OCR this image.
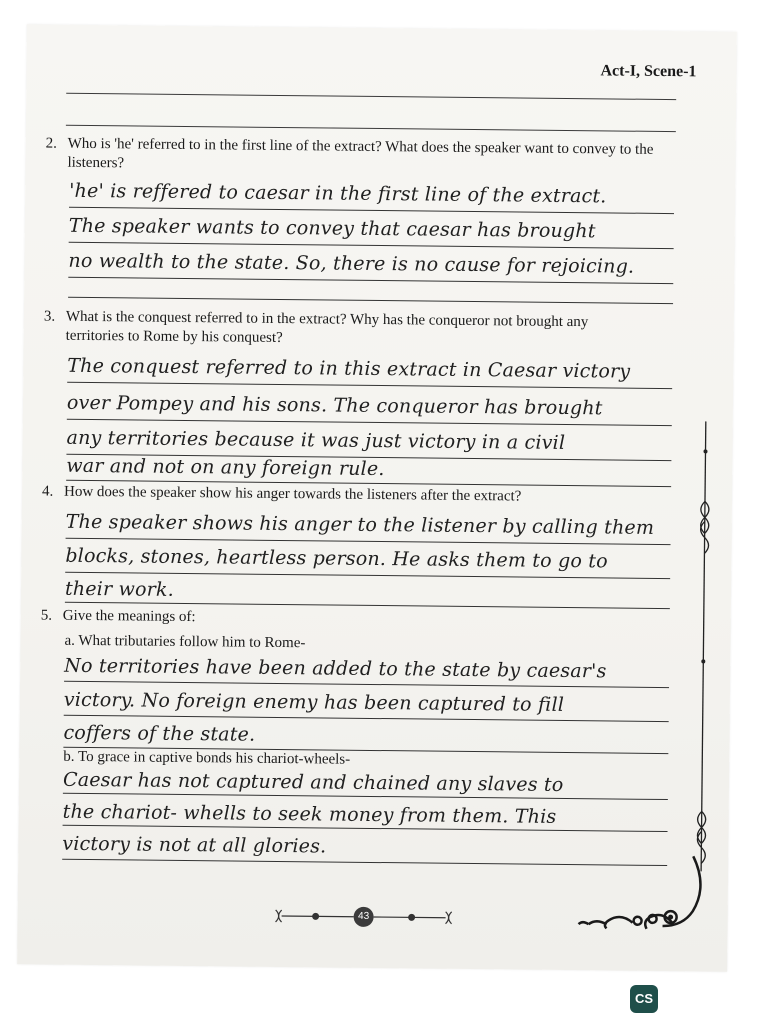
Act-I, Scene-1
2. Who is 'he' referred to in the first line of the extract? What does the speaker want to convey to the listeners?
'he' is reffered to caesar in the first line of the extract.
The speaker wants to convey that caesar has brought
no wealth to the state. So, there is no cause for rejoicing.
3. What is the conquest referred to in the extract? Why has the conqueror not brought any territories to Rome by his conquest?
The conquest referred to in this extract in Caesar victory
over Pompey and his sons. The conqueror has brought
any territories because it was just victory in a civil
war and not on any foreign rule.
4. How does the speaker show his anger towards the listeners after the extract?
The speaker shows his anger to the listener by calling them
blocks, stones, heartless person. He asks them to go to
their work.
5. Give the meanings of:
a. What tributaries follow him to Rome-
No territories have been added to the state by caesar's
victory. No foreign enemy has been captured to fill
coffers of the state.
b. To grace in captive bonds his chariot-wheels-
Caesar has not captured and chained any slaves to
the chariot- whells to seek money from them. This
victory is not at all glories.
43
CS
